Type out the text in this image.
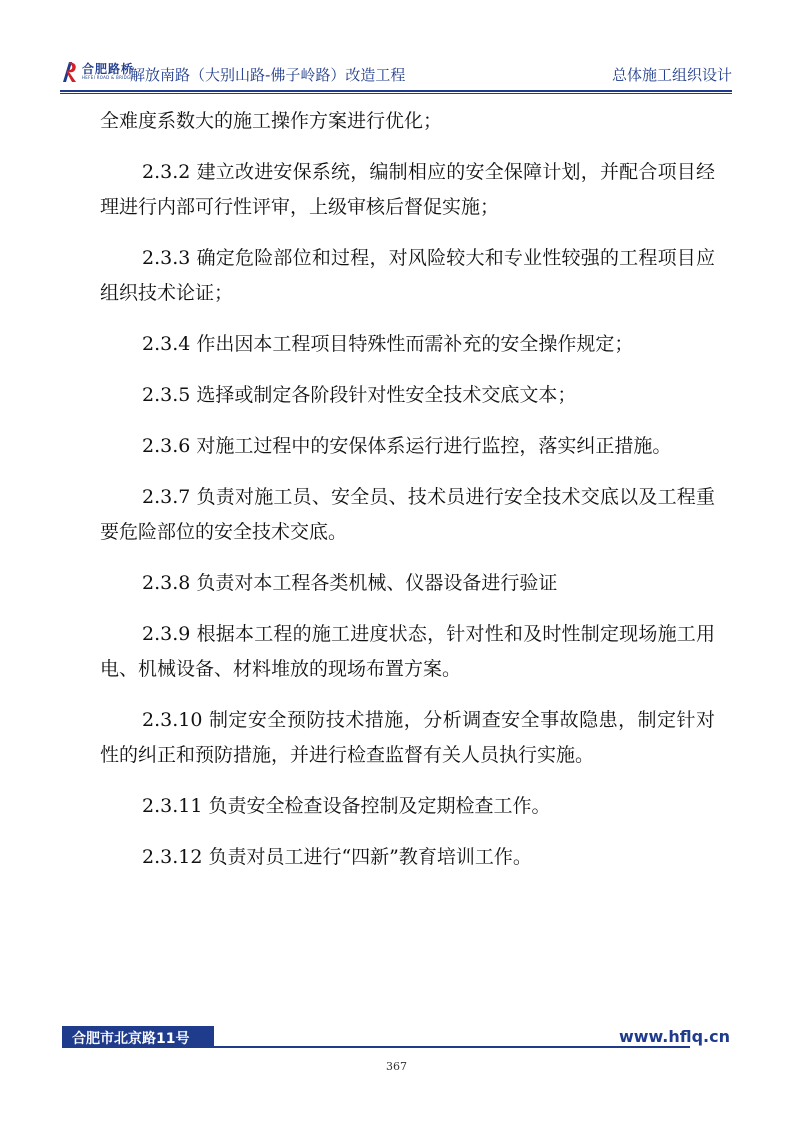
合肥路桥
HEFEI ROAD & BRIDGE
解放南路（大别山路-佛子岭路）改造工程	总体施工组织设计

全难度系数大的施工操作方案进行优化；

2.3.2 建立改进安保系统，编制相应的安全保障计划，并配合项目经理进行内部可行性评审，上级审核后督促实施；

2.3.3 确定危险部位和过程，对风险较大和专业性较强的工程项目应组织技术论证；

2.3.4 作出因本工程项目特殊性而需补充的安全操作规定；

2.3.5 选择或制定各阶段针对性安全技术交底文本；

2.3.6 对施工过程中的安保体系运行进行监控，落实纠正措施。

2.3.7 负责对施工员、安全员、技术员进行安全技术交底以及工程重要危险部位的安全技术交底。

2.3.8 负责对本工程各类机械、仪器设备进行验证

2.3.9 根据本工程的施工进度状态，针对性和及时性制定现场施工用电、机械设备、材料堆放的现场布置方案。

2.3.10 制定安全预防技术措施，分析调查安全事故隐患，制定针对性的纠正和预防措施，并进行检查监督有关人员执行实施。

2.3.11 负责安全检查设备控制及定期检查工作。

2.3.12 负责对员工进行“四新”教育培训工作。

合肥市北京路11号	www.hflq.cn
367
